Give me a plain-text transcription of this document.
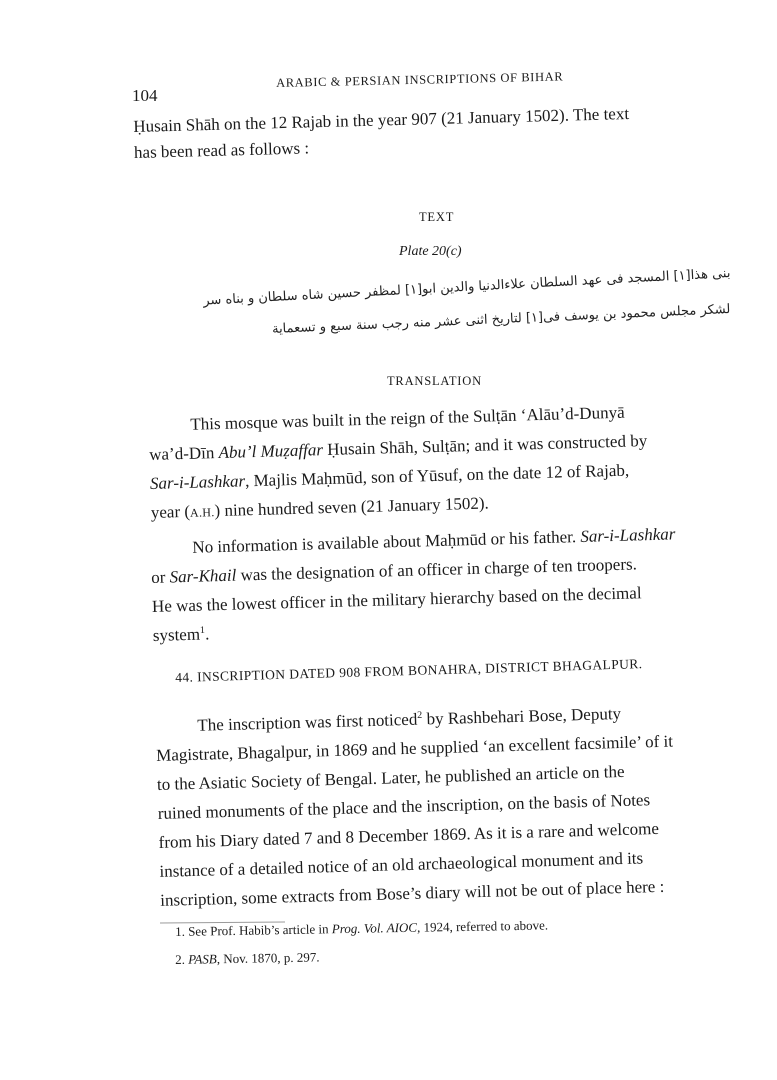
104
ARABIC & PERSIAN INSCRIPTIONS OF BIHAR
Ḥusain Shāh on the 12 Rajab in the year 907 (21 January 1502). The text
has been read as follows :
TEXT
Plate 20(c)
بنی هذا[۱] المسجد فی عهد السلطان علاءالدنیا والدین ابو[۱] لمظفر حسین شاه سلطان و بناه سر
لشکر مجلس محمود بن یوسف فی[۱] لتاریخ اثنی عشر منه رجب سنة سبع و تسعمایة
TRANSLATION
This mosque was built in the reign of the Sulṭān ‘Alāu’d-Dunyā
wa’d-Dīn Abu’l Muẓaffar Ḥusain Shāh, Sulṭān; and it was constructed by
Sar-i-Lashkar, Majlis Maḥmūd, son of Yūsuf, on the date 12 of Rajab,
year (A.H.) nine hundred seven (21 January 1502).
No information is available about Maḥmūd or his father. Sar-i-Lashkar
or Sar-Khail was the designation of an officer in charge of ten troopers.
He was the lowest officer in the military hierarchy based on the decimal
system$^1$.
44. INSCRIPTION DATED 908 FROM BONAHRA, DISTRICT BHAGALPUR.
The inscription was first noticed$^2$ by Rashbehari Bose, Deputy
Magistrate, Bhagalpur, in 1869 and he supplied ‘an excellent facsimile’ of it
to the Asiatic Society of Bengal. Later, he published an article on the
ruined monuments of the place and the inscription, on the basis of Notes
from his Diary dated 7 and 8 December 1869. As it is a rare and welcome
instance of a detailed notice of an old archaeological monument and its
inscription, some extracts from Bose’s diary will not be out of place here :
1. See Prof. Habib’s article in Prog. Vol. AIOC, 1924, referred to above.
2. PASB, Nov. 1870, p. 297.
